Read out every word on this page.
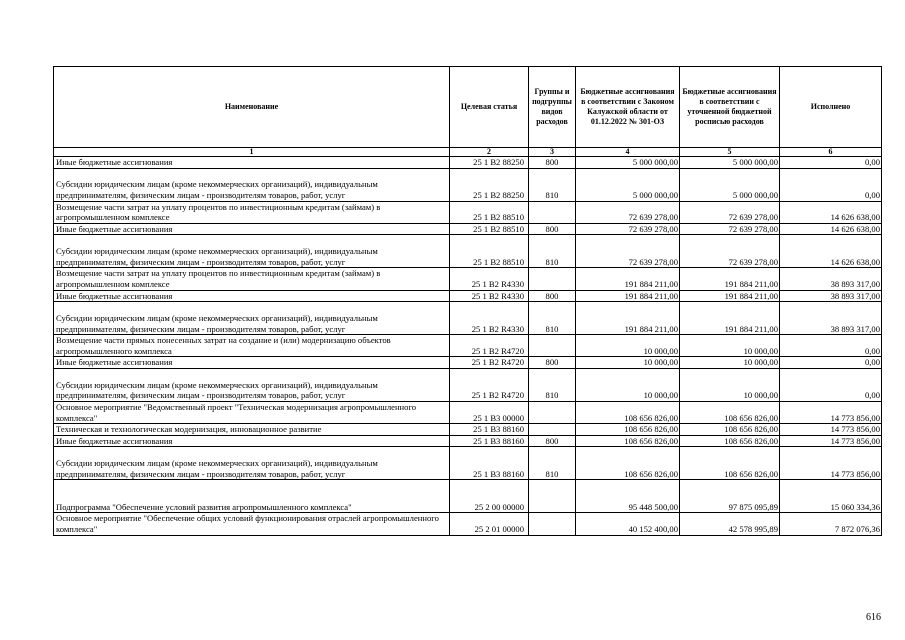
Наименование	Целевая статья	Группы и подгруппы видов расходов	Бюджетные ассигнования в соответствии с Законом Калужской области от 01.12.2022 № 301-ОЗ	Бюджетные ассигнования в соответствии с уточненной бюджетной росписью расходов	Исполнено
1	2	3	4	5	6
Иные бюджетные ассигнования	25 1 B2 88250	800	5 000 000,00	5 000 000,00	0,00
Субсидии юридическим лицам (кроме некоммерческих организаций), индивидуальным предпринимателям, физическим лицам - производителям товаров, работ, услуг	25 1 B2 88250	810	5 000 000,00	5 000 000,00	0,00
Возмещение части затрат на уплату процентов по инвестиционным кредитам (займам) в агропромышленном комплексе	25 1 B2 88510		72 639 278,00	72 639 278,00	14 626 638,00
Иные бюджетные ассигнования	25 1 B2 88510	800	72 639 278,00	72 639 278,00	14 626 638,00
Субсидии юридическим лицам (кроме некоммерческих организаций), индивидуальным предпринимателям, физическим лицам - производителям товаров, работ, услуг	25 1 B2 88510	810	72 639 278,00	72 639 278,00	14 626 638,00
Возмещение части затрат на уплату процентов по инвестиционным кредитам (займам) в агропромышленном комплексе	25 1 B2 R4330		191 884 211,00	191 884 211,00	38 893 317,00
Иные бюджетные ассигнования	25 1 B2 R4330	800	191 884 211,00	191 884 211,00	38 893 317,00
Субсидии юридическим лицам (кроме некоммерческих организаций), индивидуальным предпринимателям, физическим лицам - производителям товаров, работ, услуг	25 1 B2 R4330	810	191 884 211,00	191 884 211,00	38 893 317,00
Возмещение части прямых понесенных затрат на создание и (или) модернизацию объектов агропромышленного комплекса	25 1 B2 R4720		10 000,00	10 000,00	0,00
Иные бюджетные ассигнования	25 1 B2 R4720	800	10 000,00	10 000,00	0,00
Субсидии юридическим лицам (кроме некоммерческих организаций), индивидуальным предпринимателям, физическим лицам - производителям товаров, работ, услуг	25 1 B2 R4720	810	10 000,00	10 000,00	0,00
Основное мероприятие "Ведомственный проект "Техническая модернизация агропромышленного комплекса"	25 1 B3 00000		108 656 826,00	108 656 826,00	14 773 856,00
Техническая и технологическая модернизация, инновационное развитие	25 1 B3 88160		108 656 826,00	108 656 826,00	14 773 856,00
Иные бюджетные ассигнования	25 1 B3 88160	800	108 656 826,00	108 656 826,00	14 773 856,00
Субсидии юридическим лицам (кроме некоммерческих организаций), индивидуальным предпринимателям, физическим лицам - производителям товаров, работ, услуг	25 1 B3 88160	810	108 656 826,00	108 656 826,00	14 773 856,00
Подпрограмма "Обеспечение условий развития агропромышленного комплекса"	25 2 00 00000		95 448 500,00	97 875 095,89	15 060 334,36
Основное мероприятие "Обеспечение общих условий функционирования отраслей агропромышленного комплекса"	25 2 01 00000		40 152 400,00	42 578 995,89	7 872 076,36
616
